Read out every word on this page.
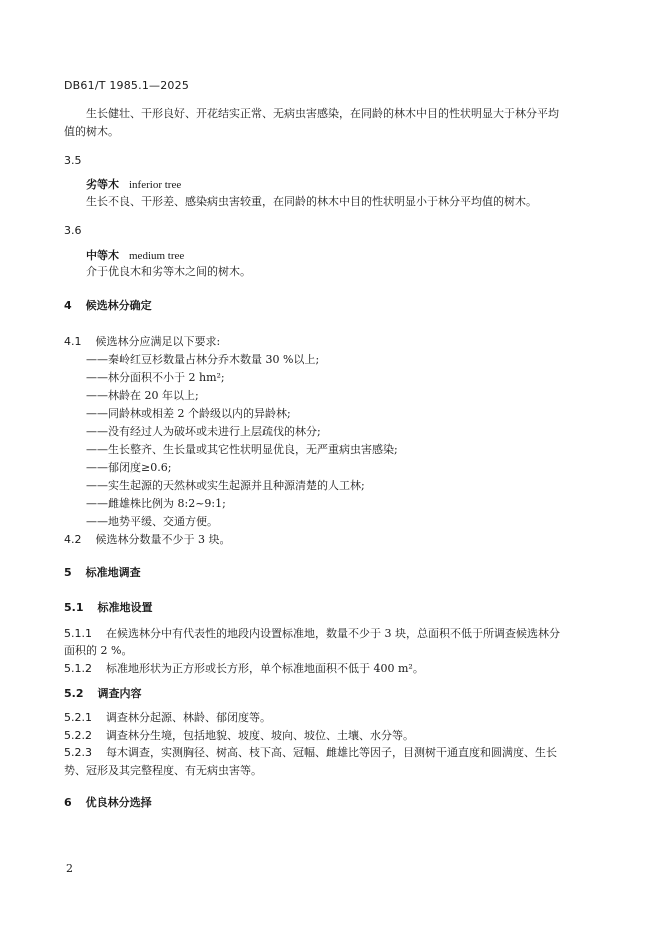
DB61/T 1985.1—2025
生长健壮、干形良好、开花结实正常、无病虫害感染，在同龄的林木中目的性状明显大于林分平均
值的树木。
3.5
劣等木 inferior tree
生长不良、干形差、感染病虫害较重，在同龄的林木中目的性状明显小于林分平均值的树木。
3.6
中等木 medium tree
介于优良木和劣等木之间的树木。
4 候选林分确定
4.1 候选林分应满足以下要求:
——秦岭红豆杉数量占林分乔木数量 30 %以上;
——林分面积不小于 2 hm²;
——林龄在 20 年以上;
——同龄林或相差 2 个龄级以内的异龄林;
——没有经过人为破坏或未进行上层疏伐的林分;
——生长整齐、生长量或其它性状明显优良，无严重病虫害感染;
——郁闭度≥0.6;
——实生起源的天然林或实生起源并且种源清楚的人工林;
——雌雄株比例为 8:2~9:1;
——地势平缓、交通方便。
4.2 候选林分数量不少于 3 块。
5 标准地调查
5.1 标准地设置
5.1.1 在候选林分中有代表性的地段内设置标准地，数量不少于 3 块，总面积不低于所调查候选林分
面积的 2 %。
5.1.2 标准地形状为正方形或长方形，单个标准地面积不低于 400 m²。
5.2 调查内容
5.2.1 调查林分起源、林龄、郁闭度等。
5.2.2 调查林分生境，包括地貌、坡度、坡向、坡位、土壤、水分等。
5.2.3 每木调查，实测胸径、树高、枝下高、冠幅、雌雄比等因子，目测树干通直度和圆满度、生长
势、冠形及其完整程度、有无病虫害等。
6 优良林分选择
2
